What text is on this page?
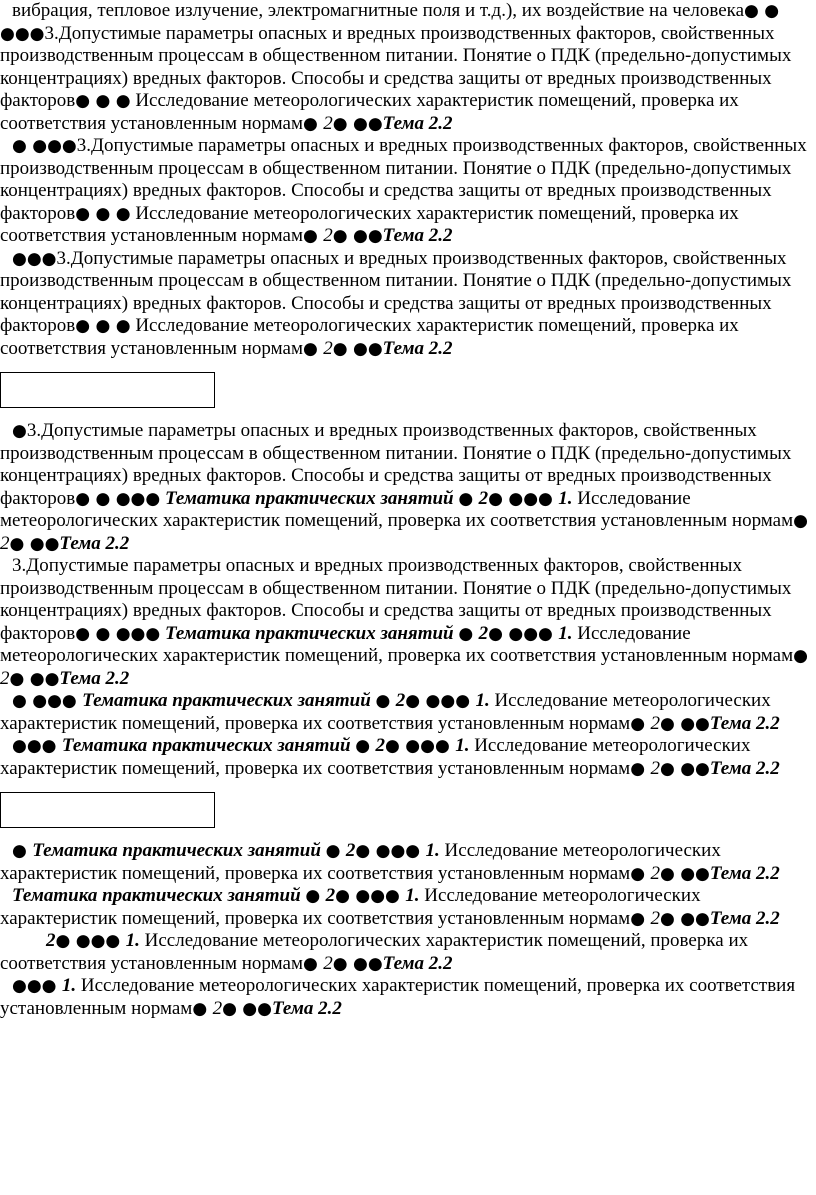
вибрация, тепловое излучение, электромагнитные поля и т.д.), их воздействие на человека● ● ●●●3.Допустимые параметры опасных и вредных производственных факторов, свойственных производственным процессам в общественном питании. Понятие о ПДК (предельно-допустимых концентрациях) вредных факторов. Способы и средства защиты от вредных производственных факторов● ● ● Исследование метеорологических характеристик помещений, проверка их соответствия установленным нормам● 2● ●●Тема 2.2

● ●●●3.Допустимые параметры опасных и вредных производственных факторов, свойственных производственным процессам в общественном питании. Понятие о ПДК (предельно-допустимых концентрациях) вредных факторов. Способы и средства защиты от вредных производственных факторов● ● ● Исследование метеорологических характеристик помещений, проверка их соответствия установленным нормам● 2● ●●Тема 2.2

●●●3.Допустимые параметры опасных и вредных производственных факторов, свойственных производственным процессам в общественном питании. Понятие о ПДК (предельно-допустимых концентрациях) вредных факторов. Способы и средства защиты от вредных производственных факторов● ● ● Исследование метеорологических характеристик помещений, проверка их соответствия установленным нормам● 2● ●●Тема 2.2

●3.Допустимые параметры опасных и вредных производственных факторов, свойственных производственным процессам в общественном питании. Понятие о ПДК (предельно-допустимых концентрациях) вредных факторов. Способы и средства защиты от вредных производственных факторов● ● ●●● Тематика практических занятий ● 2● ●●● 1. Исследование метеорологических характеристик помещений, проверка их соответствия установленным нормам● 2● ●●Тема 2.2

3.Допустимые параметры опасных и вредных производственных факторов, свойственных производственным процессам в общественном питании. Понятие о ПДК (предельно-допустимых концентрациях) вредных факторов. Способы и средства защиты от вредных производственных факторов● ● ●●● Тематика практических занятий ● 2● ●●● 1. Исследование метеорологических характеристик помещений, проверка их соответствия установленным нормам● 2● ●●Тема 2.2

● ●●● Тематика практических занятий ● 2● ●●● 1. Исследование метеорологических характеристик помещений, проверка их соответствия установленным нормам● 2● ●●Тема 2.2

●●● Тематика практических занятий ● 2● ●●● 1. Исследование метеорологических характеристик помещений, проверка их соответствия установленным нормам● 2● ●●Тема 2.2

● Тематика практических занятий ● 2● ●●● 1. Исследование метеорологических характеристик помещений, проверка их соответствия установленным нормам● 2● ●●Тема 2.2

Тематика практических занятий ● 2● ●●● 1. Исследование метеорологических характеристик помещений, проверка их соответствия установленным нормам● 2● ●●Тема 2.2

2● ●●● 1. Исследование метеорологических характеристик помещений, проверка их соответствия установленным нормам● 2● ●●Тема 2.2

●●● 1. Исследование метеорологических характеристик помещений, проверка их соответствия установленным нормам● 2● ●●Тема 2.2
